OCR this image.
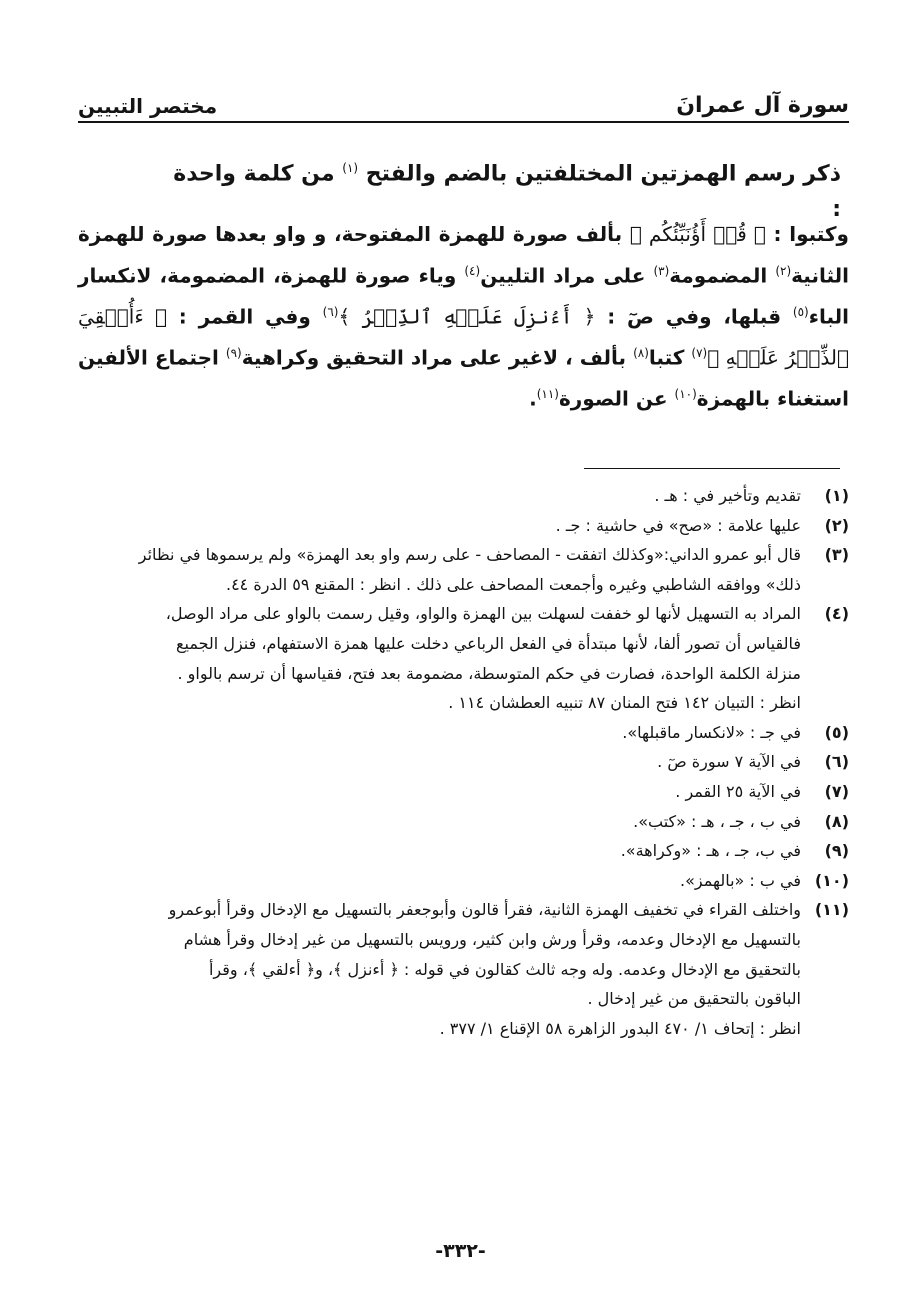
سورة آل عمرانَ
مختصر التبيين
ذكر رسم الهمزتين المختلفتين بالضم والفتح $^{(١)}$ من كلمة واحدة :
وكتبوا : ﴿ قُلۡ أَؤُنَبِّئُكُم ﴾ بألف صورة للهمزة المفتوحة، و واو بعدها صورة للهمزة الثانية$^{(٢)}$ المضمومة$^{(٣)}$ على مراد التليين$^{(٤)}$ وياء صورة للهمزة، المضمومة، لانكسار الباء$^{(٥)}$ قبلها، وفي صٓ : ﴿ أَءُنزِلَ عَلَيۡهِ ٱلذِّكۡرُ ﴾$^{(٦)}$ وفي القمر : ﴿ ءَأُلۡقِيَ ٱلذِّكۡرُ عَلَيۡهِ ﴾$^{(٧)}$ كتبا$^{(٨)}$ بألف ، لاغير على مراد التحقيق وكراهية$^{(٩)}$ اجتماع الألفين استغناء بالهمزة$^{(١٠)}$ عن الصورة$^{(١١)}$.
(١)
تقديم وتأخير في : هـ .
(٢)
عليها علامة : «صح» في حاشية : جـ .
(٣)
قال أبو عمرو الداني:«وكذلك اتفقت - المصاحف - على رسم واو بعد الهمزة» ولم يرسموها في نظائر
ذلك» ووافقه الشاطبي وغيره وأجمعت المصاحف على ذلك . انظر : المقنع ٥٩ الدرة ٤٤.
(٤)
المراد به التسهيل لأنها لو خففت لسهلت بين الهمزة والواو، وقيل رسمت بالواو على مراد الوصل،
فالقياس أن تصور ألفا، لأنها مبتدأة في الفعل الرباعي دخلت عليها همزة الاستفهام، فنزل الجميع
منزلة الكلمة الواحدة، فصارت في حكم المتوسطة، مضمومة بعد فتح، فقياسها أن ترسم بالواو .
انظر : التبيان ١٤٢ فتح المنان ٨٧ تنبيه العطشان ١١٤ .
(٥)
في جـ : «لانكسار ماقبلها».
(٦)
في الآية ٧ سورة صٓ .
(٧)
في الآية ٢٥ القمر .
(٨)
في ب ، جـ ، هـ : «كتب».
(٩)
في ب، جـ ، هـ : «وكراهة».
(١٠)
في ب : «بالهمز».
(١١)
واختلف القراء في تخفيف الهمزة الثانية، فقرأ قالون وأبوجعفر بالتسهيل مع الإدخال وقرأ أبوعمرو
بالتسهيل مع الإدخال وعدمه، وقرأ ورش وابن كثير، ورويس بالتسهيل من غير إدخال وقرأ هشام
بالتحقيق مع الإدخال وعدمه. وله وجه ثالث كقالون في قوله : ﴿ أءنزل ﴾، و﴿ أءلقي ﴾، وقرأ
الباقون بالتحقيق من غير إدخال .
انظر : إتحاف ١/ ٤٧٠ البدور الزاهرة ٥٨ الإقناع ١/ ٣٧٧ .
-٣٣٢-
